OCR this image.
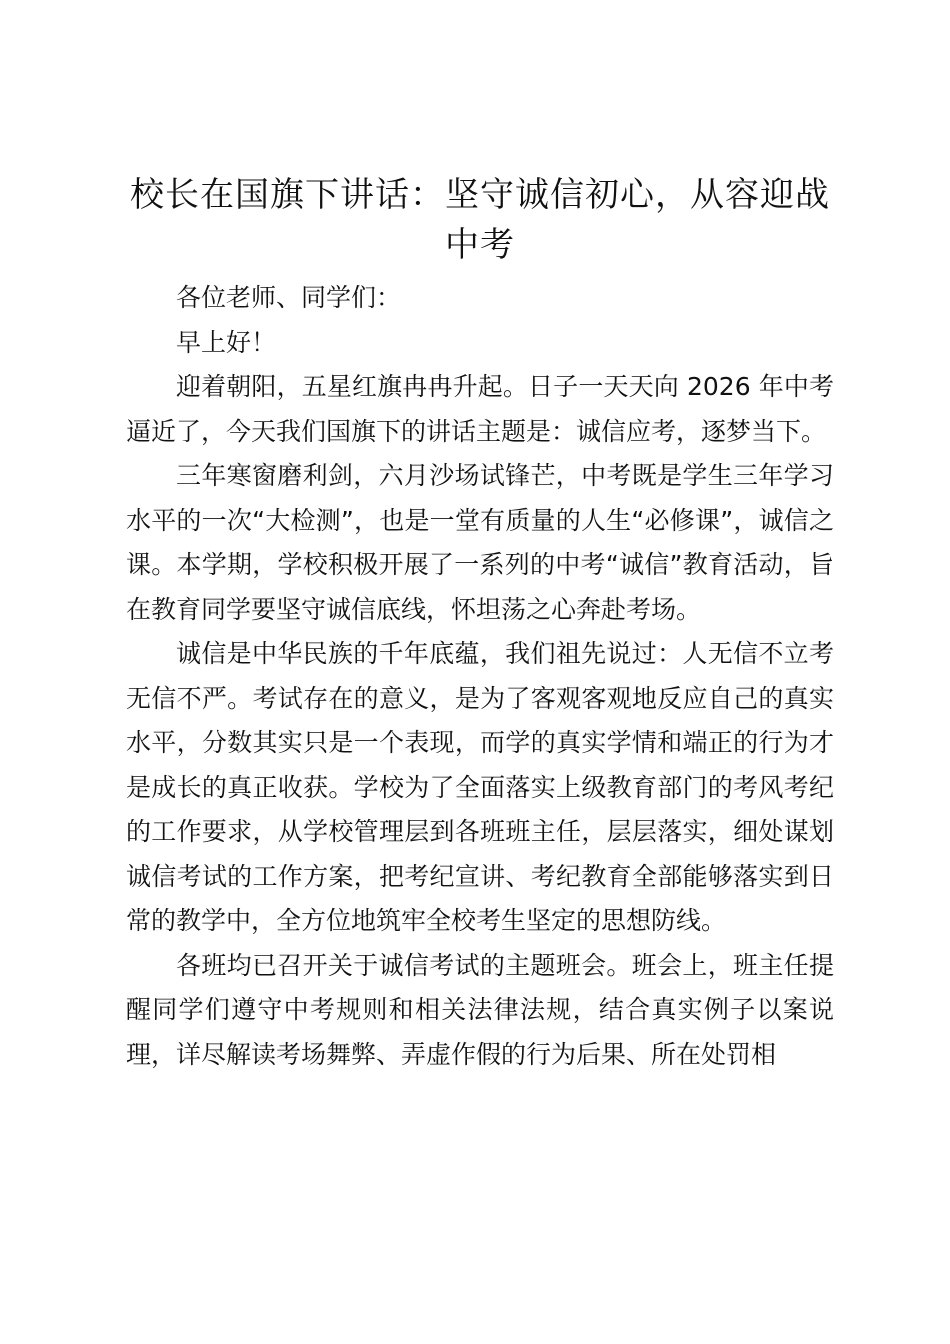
校长在国旗下讲话：坚守诚信初心，从容迎战中考

各位老师、同学们：

早上好！

迎着朝阳，五星红旗冉冉升起。日子一天天向 2026 年中考逼近了，今天我们国旗下的讲话主题是：诚信应考，逐梦当下。

三年寒窗磨利剑，六月沙场试锋芒，中考既是学生三年学习水平的一次“大检测”，也是一堂有质量的人生“必修课”，诚信之课。本学期，学校积极开展了一系列的中考“诚信”教育活动，旨在教育同学要坚守诚信底线，怀坦荡之心奔赴考场。

诚信是中华民族的千年底蕴，我们祖先说过：人无信不立考无信不严。考试存在的意义，是为了客观客观地反应自己的真实水平，分数其实只是一个表现，而学的真实学情和端正的行为才是成长的真正收获。学校为了全面落实上级教育部门的考风考纪的工作要求，从学校管理层到各班班主任，层层落实，细处谋划诚信考试的工作方案，把考纪宣讲、考纪教育全部能够落实到日常的教学中，全方位地筑牢全校考生坚定的思想防线。

各班均已召开关于诚信考试的主题班会。班会上，班主任提醒同学们遵守中考规则和相关法律法规，结合真实例子以案说理，详尽解读考场舞弊、弄虚作假的行为后果、所在处罚相
